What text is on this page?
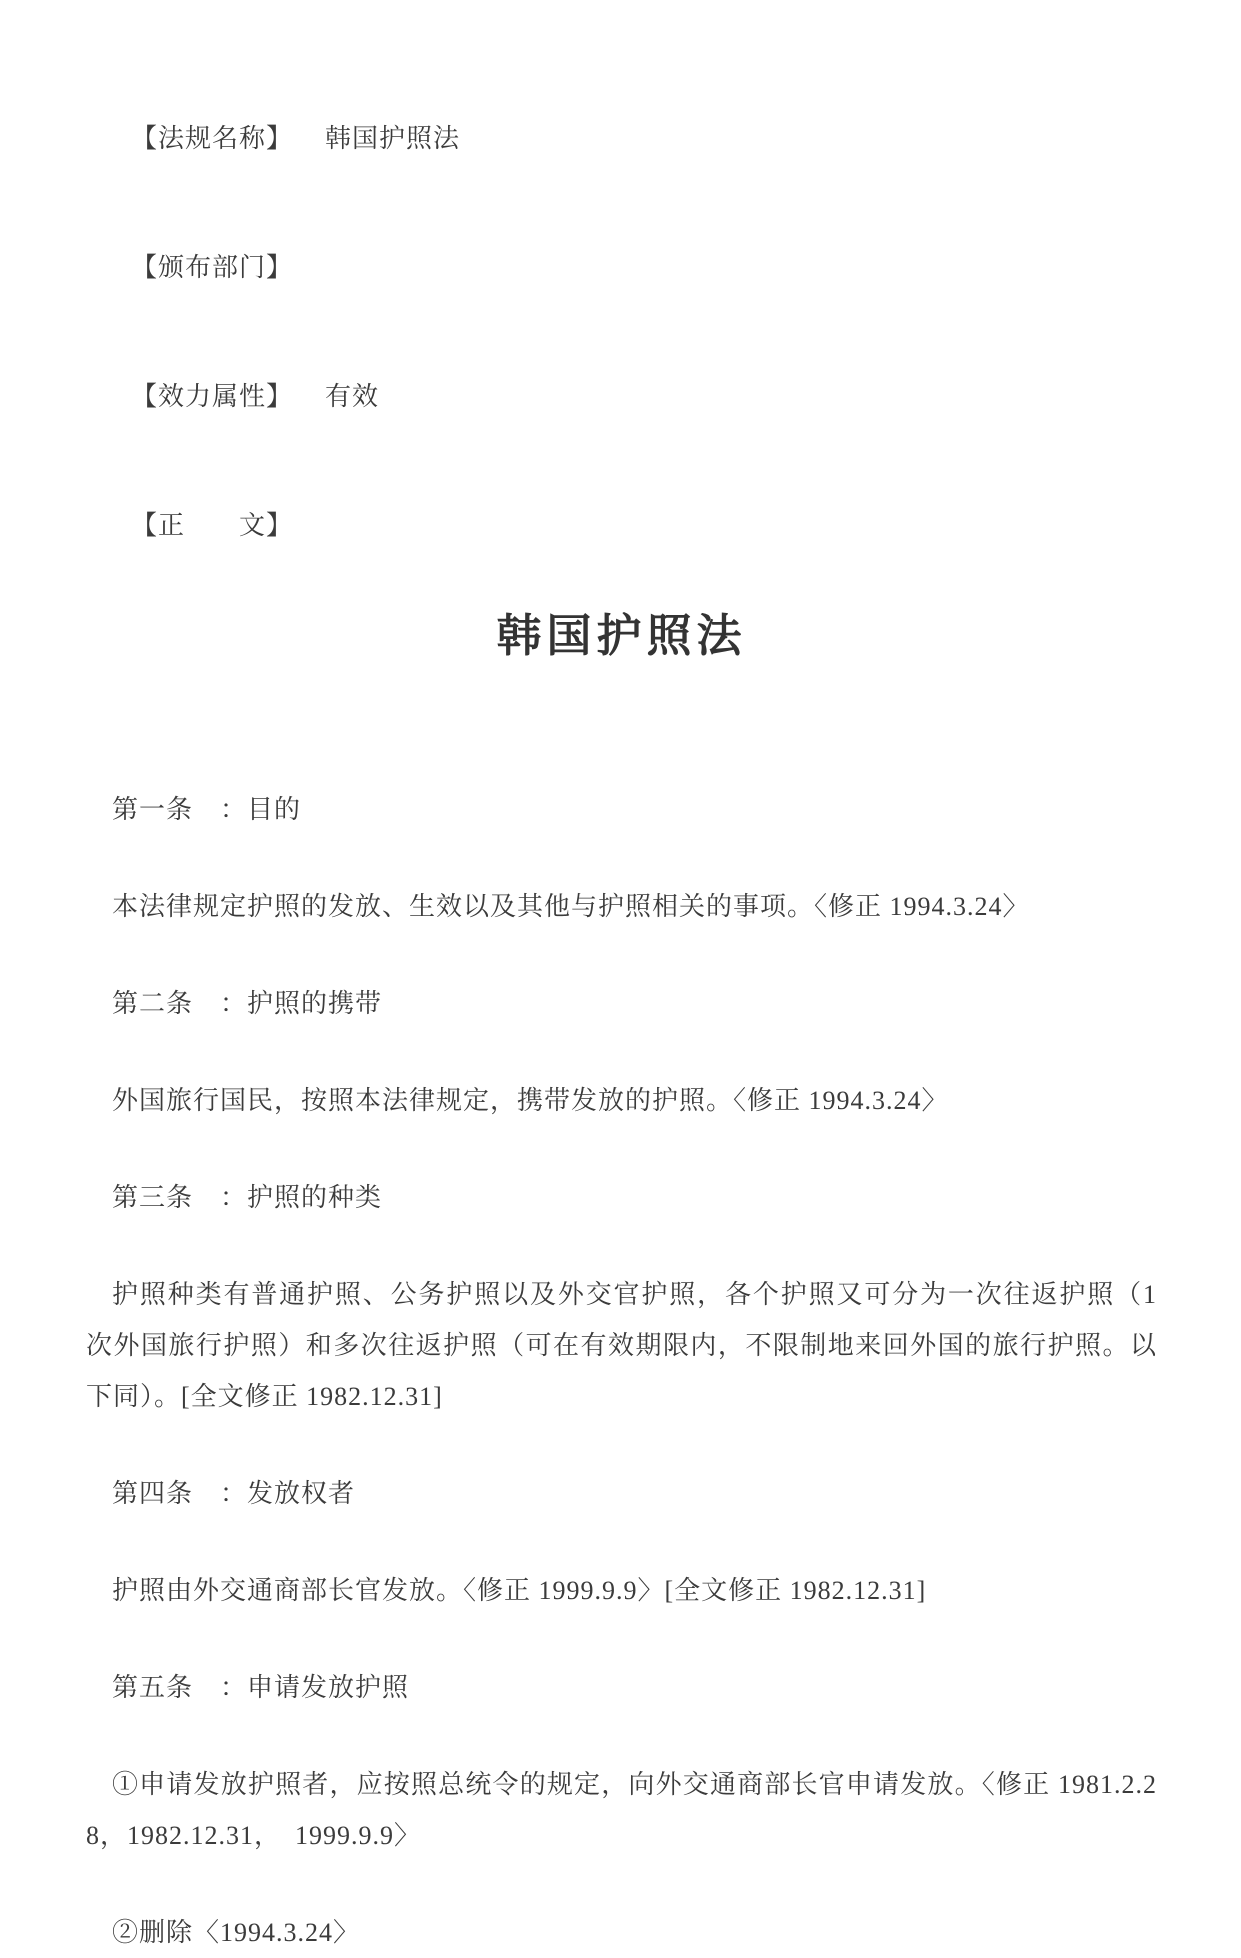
【法规名称】 韩国护照法

【颁布部门】

【效力属性】 有效

【正　　文】

韩国护照法

第一条　：目的

本法律规定护照的发放、生效以及其他与护照相关的事项。〈修正 1994.3.24〉

第二条　：护照的携带

外国旅行国民，按照本法律规定，携带发放的护照。〈修正 1994.3.24〉

第三条　：护照的种类

护照种类有普通护照、公务护照以及外交官护照，各个护照又可分为一次往返护照（1 次外国旅行护照）和多次往返护照（可在有效期限内，不限制地来回外国的旅行护照。以下同）。[全文修正 1982.12.31]

第四条　：发放权者

护照由外交通商部长官发放。〈修正 1999.9.9〉[全文修正 1982.12.31]

第五条　：申请发放护照

①申请发放护照者，应按照总统令的规定，向外交通商部长官申请发放。〈修正 1981.2.28，1982.12.31，　1999.9.9〉

②删除〈1994.3.24〉
